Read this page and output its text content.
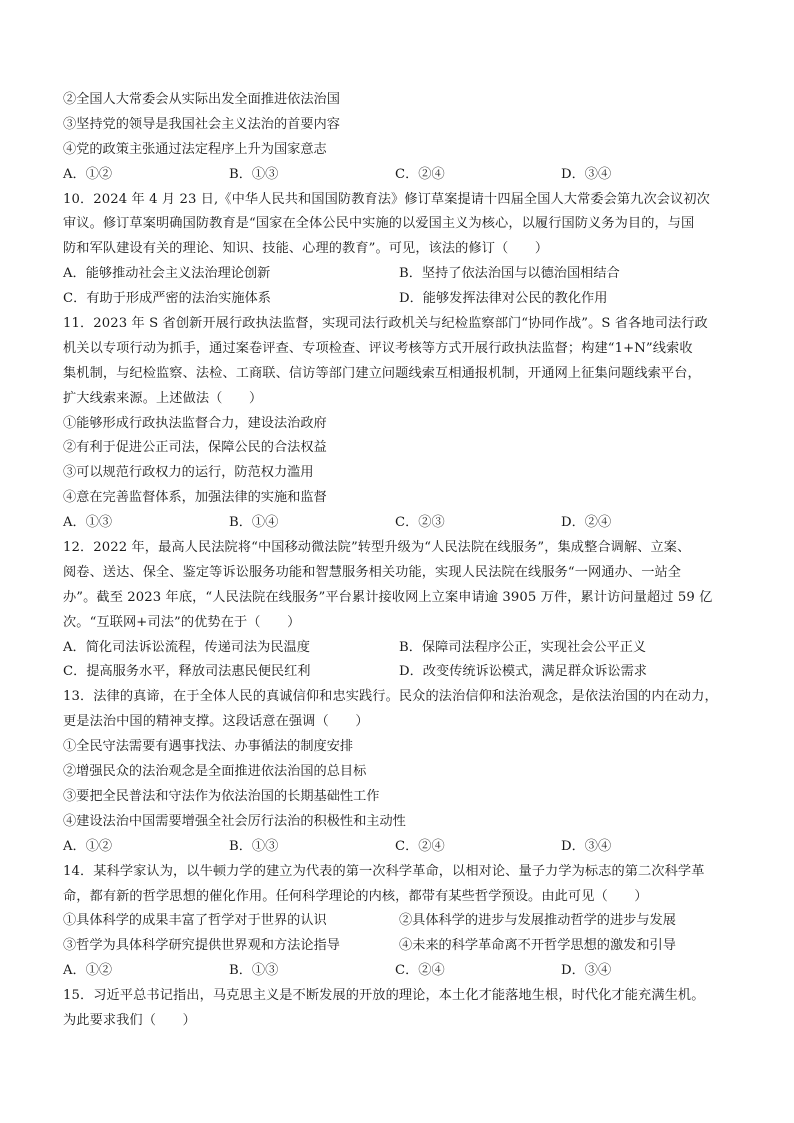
②全国人大常委会从实际出发全面推进依法治国
③坚持党的领导是我国社会主义法治的首要内容
④党的政策主张通过法定程序上升为国家意志
A．①②	B．①③	C．②④	D．③④
10．2024 年 4 月 23 日,《中华人民共和国国防教育法》修订草案提请十四届全国人大常委会第九次会议初次
审议。修订草案明确国防教育是“国家在全体公民中实施的以爱国主义为核心，以履行国防义务为目的，与国
防和军队建设有关的理论、知识、技能、心理的教育”。可见，该法的修订（　　）
A．能够推动社会主义法治理论创新	B．坚持了依法治国与以德治国相结合
C．有助于形成严密的法治实施体系	D．能够发挥法律对公民的教化作用
11．2023 年 S 省创新开展行政执法监督，实现司法行政机关与纪检监察部门“协同作战”。S 省各地司法行政
机关以专项行动为抓手，通过案卷评查、专项检查、评议考核等方式开展行政执法监督；构建“1+N”线索收
集机制，与纪检监察、法检、工商联、信访等部门建立问题线索互相通报机制，开通网上征集问题线索平台，
扩大线索来源。上述做法（　　）
①能够形成行政执法监督合力，建设法治政府
②有利于促进公正司法，保障公民的合法权益
③可以规范行政权力的运行，防范权力滥用
④意在完善监督体系，加强法律的实施和监督
A．①③	B．①④	C．②③	D．②④
12．2022 年，最高人民法院将“中国移动微法院”转型升级为“人民法院在线服务”，集成整合调解、立案、
阅卷、送达、保全、鉴定等诉讼服务功能和智慧服务相关功能，实现人民法院在线服务“一网通办、一站全
办”。截至 2023 年底，“人民法院在线服务”平台累计接收网上立案申请逾 3905 万件，累计访问量超过 59 亿
次。“互联网+司法”的优势在于（　　）
A．简化司法诉讼流程，传递司法为民温度	B．保障司法程序公正，实现社会公平正义
C．提高服务水平，释放司法惠民便民红利	D．改变传统诉讼模式，满足群众诉讼需求
13．法律的真谛，在于全体人民的真诚信仰和忠实践行。民众的法治信仰和法治观念，是依法治国的内在动力，
更是法治中国的精神支撑。这段话意在强调（　　）
①全民守法需要有遇事找法、办事循法的制度安排
②增强民众的法治观念是全面推进依法治国的总目标
③要把全民普法和守法作为依法治国的长期基础性工作
④建设法治中国需要增强全社会厉行法治的积极性和主动性
A．①②	B．①③	C．②④	D．③④
14．某科学家认为，以牛顿力学的建立为代表的第一次科学革命，以相对论、量子力学为标志的第二次科学革
命，都有新的哲学思想的催化作用。任何科学理论的内核，都带有某些哲学预设。由此可见（　　）
①具体科学的成果丰富了哲学对于世界的认识	②具体科学的进步与发展推动哲学的进步与发展
③哲学为具体科学研究提供世界观和方法论指导	④未来的科学革命离不开哲学思想的激发和引导
A．①②	B．①③	C．②④	D．③④
15．习近平总书记指出，马克思主义是不断发展的开放的理论，本土化才能落地生根，时代化才能充满生机。
为此要求我们（　　）
